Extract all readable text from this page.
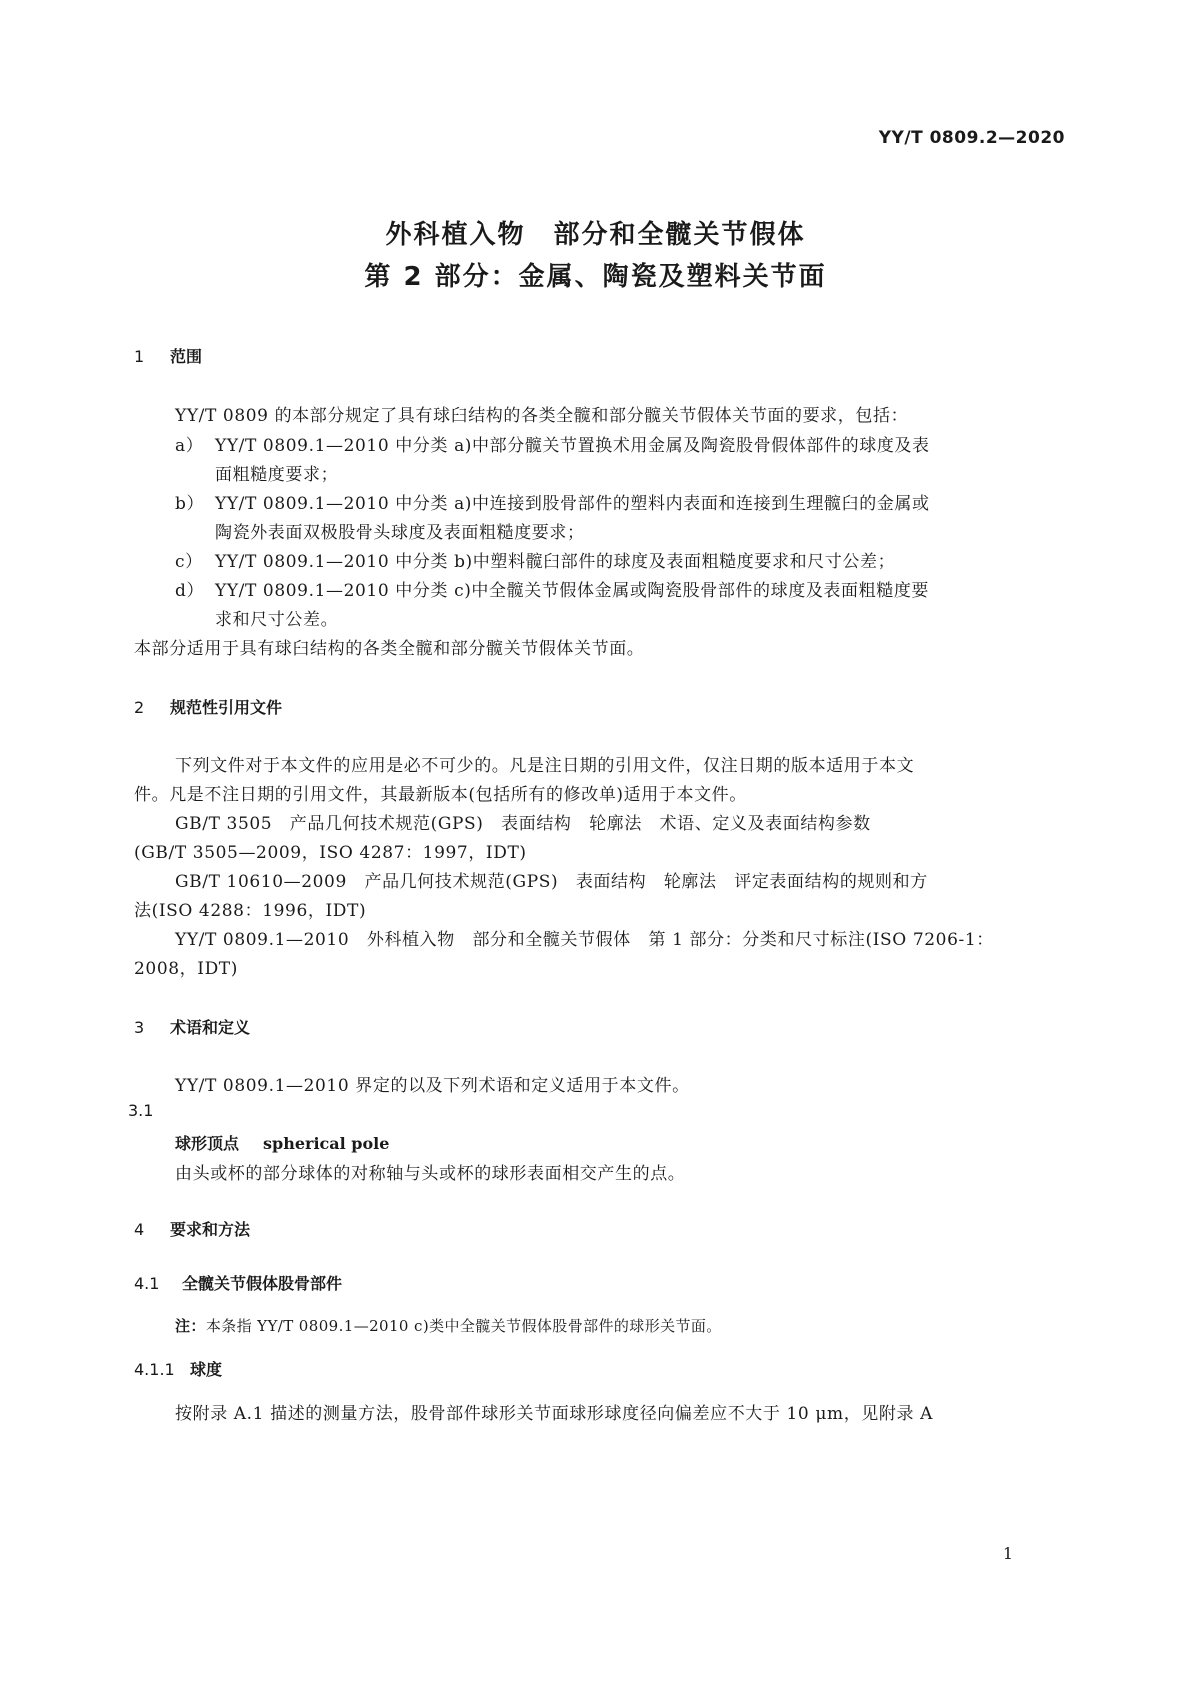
YY/T 0809.2—2020
外科植入物　部分和全髋关节假体
第 2 部分：金属、陶瓷及塑料关节面
1 范围
YY/T 0809 的本部分规定了具有球臼结构的各类全髋和部分髋关节假体关节面的要求，包括：
a） YY/T 0809.1—2010 中分类 a)中部分髋关节置换术用金属及陶瓷股骨假体部件的球度及表
面粗糙度要求；
b） YY/T 0809.1—2010 中分类 a)中连接到股骨部件的塑料内表面和连接到生理髋臼的金属或
陶瓷外表面双极股骨头球度及表面粗糙度要求；
c） YY/T 0809.1—2010 中分类 b)中塑料髋臼部件的球度及表面粗糙度要求和尺寸公差；
d） YY/T 0809.1—2010 中分类 c)中全髋关节假体金属或陶瓷股骨部件的球度及表面粗糙度要
求和尺寸公差。
本部分适用于具有球臼结构的各类全髋和部分髋关节假体关节面。
2 规范性引用文件
下列文件对于本文件的应用是必不可少的。凡是注日期的引用文件，仅注日期的版本适用于本文
件。凡是不注日期的引用文件，其最新版本(包括所有的修改单)适用于本文件。
GB/T 3505　产品几何技术规范(GPS)　表面结构　轮廓法　术语、定义及表面结构参数
(GB/T 3505—2009，ISO 4287：1997，IDT)
GB/T 10610—2009　产品几何技术规范(GPS)　表面结构　轮廓法　评定表面结构的规则和方
法(ISO 4288：1996，IDT)
YY/T 0809.1—2010　外科植入物　部分和全髋关节假体　第 1 部分：分类和尺寸标注(ISO 7206-1：
2008，IDT)
3 术语和定义
YY/T 0809.1—2010 界定的以及下列术语和定义适用于本文件。
3.1
球形顶点 spherical pole
由头或杯的部分球体的对称轴与头或杯的球形表面相交产生的点。
4 要求和方法
4.1 全髋关节假体股骨部件
注：本条指 YY/T 0809.1—2010 c)类中全髋关节假体股骨部件的球形关节面。
4.1.1 球度
按附录 A.1 描述的测量方法，股骨部件球形关节面球形球度径向偏差应不大于 10 μm，见附录 A
1
